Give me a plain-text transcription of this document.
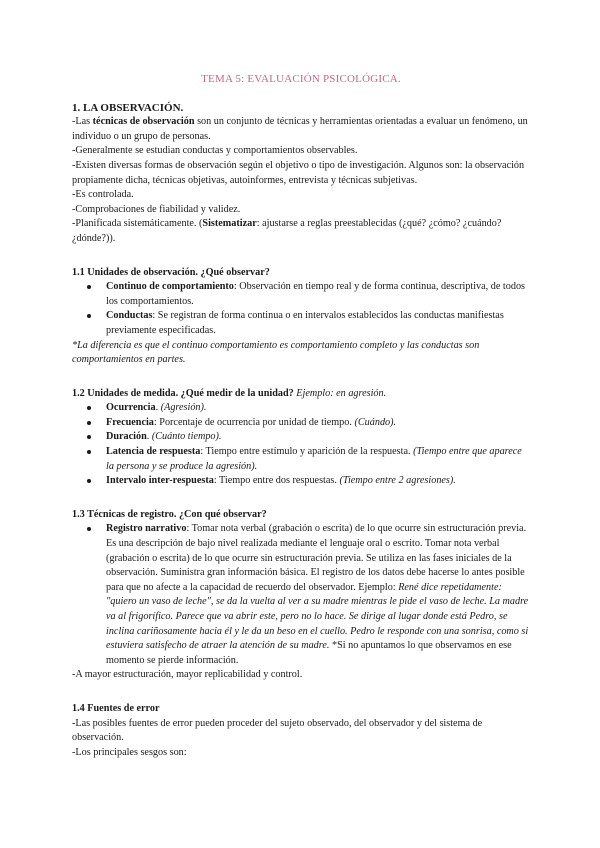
TEMA 5: EVALUACIÓN PSICOLÓGICA.
1. LA OBSERVACIÓN.

-Las técnicas de observación son un conjunto de técnicas y herramientas orientadas a evaluar un fenómeno, un individuo o un grupo de personas.

-Generalmente se estudian conductas y comportamientos observables.

-Existen diversas formas de observación según el objetivo o tipo de investigación. Algunos son: la observación propiamente dicha, técnicas objetivas, autoinformes, entrevista y técnicas subjetivas.

-Es controlada.

-Comprobaciones de fiabilidad y validez.

-Planificada sistemáticamente. (Sistematizar: ajustarse a reglas preestablecidas (¿qué? ¿cómo? ¿cuándo?¿dónde?)).

1.1 Unidades de observación. ¿Qué observar?
Continuo de comportamiento: Observación en tiempo real y de forma continua, descriptiva, de todos los comportamientos.
Conductas: Se registran de forma continua o en intervalos establecidos las conductas manifiestas previamente especificadas.

*La diferencia es que el continuo comportamiento es comportamiento completo y las conductas son comportamientos en partes.

1.2 Unidades de medida. ¿Qué medir de la unidad? Ejemplo: en agresión.
Ocurrencia. (Agresión).
Frecuencia: Porcentaje de ocurrencia por unidad de tiempo. (Cuándo).
Duración. (Cuánto tiempo).
Latencia de respuesta: Tiempo entre estímulo y aparición de la respuesta. (Tiempo entre que aparece la persona y se produce la agresión).
Intervalo inter-respuesta: Tiempo entre dos respuestas. (Tiempo entre 2 agresiones).
1.3 Técnicas de registro. ¿Con qué observar?
Registro narrativo: Tomar nota verbal (grabación o escrita) de lo que ocurre sin estructuración previa. Es una descripción de bajo nivel realizada mediante el lenguaje oral o escrito. Tomar nota verbal (grabación o escrita) de lo que ocurre sin estructuración previa. Se utiliza en las fases iniciales de la observación. Suministra gran información básica. El registro de los datos debe hacerse lo antes posible para que no afecte a la capacidad de recuerdo del observador. Ejemplo: René dice repetidamente: "quiero un vaso de leche", se da la vuelta al ver a su madre mientras le pide el vaso de leche. La madre va al frigorífico. Parece que va abrir este, pero no lo hace. Se dirige al lugar donde está Pedro, se inclina cariñosamente hacia él y le da un beso en el cuello. Pedro le responde con una sonrisa, como si estuviera satisfecho de atraer la atención de su madre. *Si no apuntamos lo que observamos en ese momento se pierde información.

-A mayor estructuración, mayor replicabilidad y control.

1.4 Fuentes de error

-Las posibles fuentes de error pueden proceder del sujeto observado, del observador y del sistema de observación.

-Los principales sesgos son:
